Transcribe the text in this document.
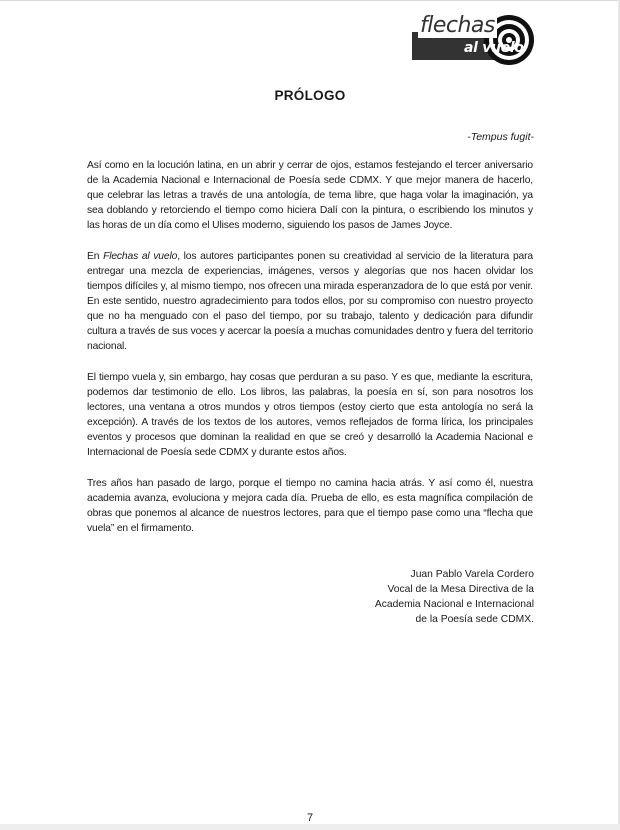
flechas
al vuelo
PRÓLOGO
-Tempus fugit-

Así como en la locución latina, en un abrir y cerrar de ojos, estamos festejando el tercer aniversario de la Academia Nacional e Internacional de Poesía sede CDMX. Y que mejor manera de hacerlo, que celebrar las letras a través de una antología, de tema libre, que haga volar la imaginación, ya sea doblando y retorciendo el tiempo como hiciera Dalí con la pintura, o escribiendo los minutos y las horas de un día como el Ulises moderno, siguiendo los pasos de James Joyce.

En Flechas al vuelo, los autores participantes ponen su creatividad al servicio de la literatura para entregar una mezcla de experiencias, imágenes, versos y alegorías que nos hacen olvidar los tiempos difíciles y, al mismo tiempo, nos ofrecen una mirada esperanzadora de lo que está por venir. En este sentido, nuestro agradecimiento para todos ellos, por su compromiso con nuestro proyecto que no ha menguado con el paso del tiempo, por su trabajo, talento y dedicación para difundir cultura a través de sus voces y acercar la poesía a muchas comunidades dentro y fuera del territorio nacional.

El tiempo vuela y, sin embargo, hay cosas que perduran a su paso. Y es que, mediante la escritura, podemos dar testimonio de ello. Los libros, las palabras, la poesía en sí, son para nosotros los lectores, una ventana a otros mundos y otros tiempos (estoy cierto que esta antología no será la excepción). A través de los textos de los autores, vemos reflejados de forma lírica, los principales eventos y procesos que dominan la realidad en que se creó y desarrolló la Academia Nacional e Internacional de Poesía sede CDMX y durante estos años.

Tres años han pasado de largo, porque el tiempo no camina hacia atrás. Y así como él, nuestra academia avanza, evoluciona y mejora cada día. Prueba de ello, es esta magnífica compilación de obras que ponemos al alcance de nuestros lectores, para que el tiempo pase como una “flecha que vuela” en el firmamento.

Juan Pablo Varela Cordero
Vocal de la Mesa Directiva de la
Academia Nacional e Internacional
de la Poesía sede CDMX.
7
